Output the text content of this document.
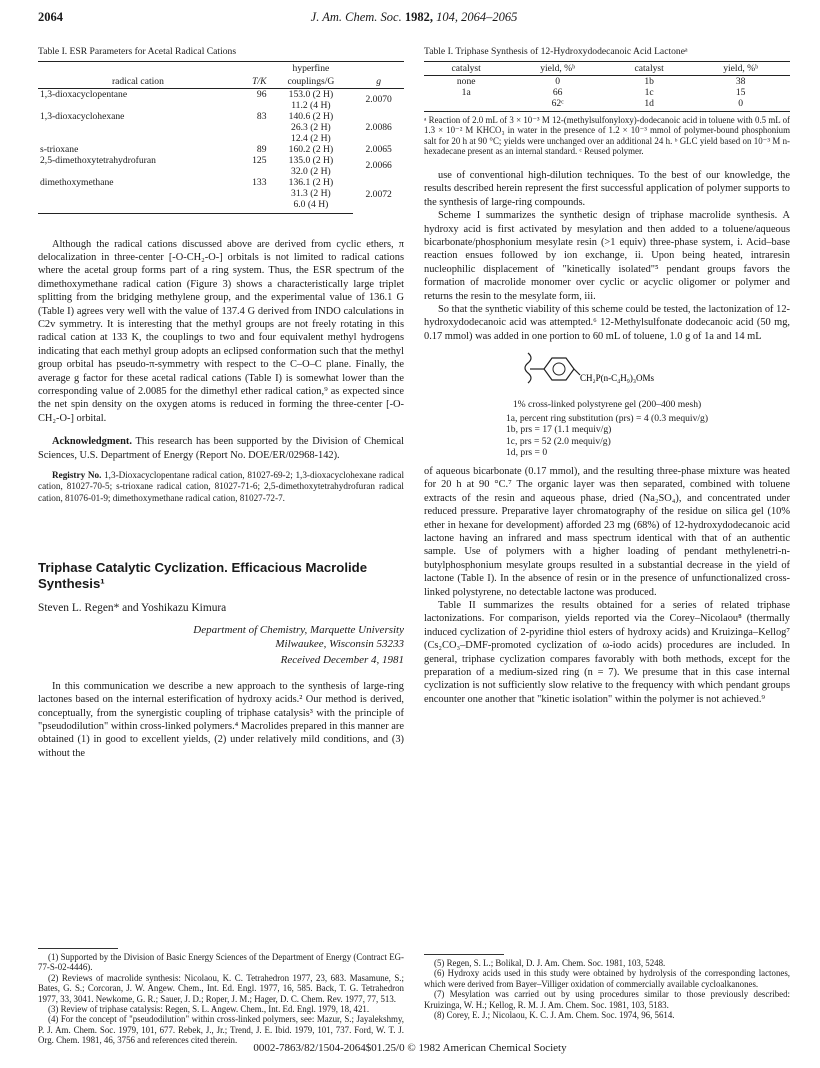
2064	J. Am. Chem. Soc. 1982, 104, 2064–2065
Table I. ESR Parameters for Acetal Radical Cations
		hyperfine	
radical cation	T/K	couplings/G	g
1,3-dioxacyclopentane	96	153.0 (2 H)	2.0070
		11.2 (4 H)	
1,3-dioxacyclohexane	83	140.6 (2 H)	2.0086
		26.3 (2 H)	
		12.4 (2 H)	
s-trioxane	89	160.2 (2 H)	2.0065
2,5-dimethoxytetrahydrofuran	125	135.0 (2 H)	2.0066
		32.0 (2 H)	
dimethoxymethane	133	136.1 (2 H)	2.0072
		31.3 (2 H)	
		6.0 (4 H)	

Although the radical cations discussed above are derived from cyclic ethers, π delocalization in three-center [-O-CH₂-O-] orbitals is not limited to radical cations where the acetal group forms part of a ring system. Thus, the ESR spectrum of the dimethoxymethane radical cation (Figure 3) shows a characteristically large triplet splitting from the bridging methylene group, and the experimental value of 136.1 G (Table I) agrees very well with the value of 137.4 G derived from INDO calculations in C2v symmetry. It is interesting that the methyl groups are not freely rotating in this radical cation at 133 K, the couplings to two and four equivalent methyl hydrogens indicating that each methyl group adopts an eclipsed conformation such that the methyl group orbital has pseudo-π-symmetry with respect to the C–O–C plane. Finally, the average g factor for these acetal radical cations (Table I) is somewhat lower than the corresponding value of 2.0085 for the dimethyl ether radical cation,⁹ as expected since the net spin density on the oxygen atoms is reduced in forming the three-center [-O-CH₂-O-] orbital.

Acknowledgment. This research has been supported by the Division of Chemical Sciences, U.S. Department of Energy (Report No. DOE/ER/02968-142).

Registry No. 1,3-Dioxacyclopentane radical cation, 81027-69-2; 1,3-dioxacyclohexane radical cation, 81027-70-5; s-trioxane radical cation, 81027-71-6; 2,5-dimethoxytetrahydrofuran radical cation, 81076-01-9; dimethoxymethane radical cation, 81027-72-7.
Triphase Catalytic Cyclization. Efficacious Macrolide Synthesis¹
Steven L. Regen* and Yoshikazu Kimura
Department of Chemistry, Marquette University
Milwaukee, Wisconsin 53233
Received December 4, 1981

In this communication we describe a new approach to the synthesis of large-ring lactones based on the internal esterification of hydroxy acids.² Our method is derived, conceptually, from the synergistic coupling of triphase catalysis³ with the principle of "pseudodilution" within cross-linked polymers.⁴ Macrolides prepared in this manner are obtained (1) in good to excellent yields, (2) under relatively mild conditions, and (3) without the

(1) Supported by the Division of Basic Energy Sciences of the Department of Energy (Contract EG-77-S-02-4446).
(2) Reviews of macrolide synthesis: Nicolaou, K. C. Tetrahedron 1977, 23, 683. Masamune, S.; Bates, G. S.; Corcoran, J. W. Angew. Chem., Int. Ed. Engl. 1977, 16, 585. Back, T. G. Tetrahedron 1977, 33, 3041. Newkome, G. R.; Sauer, J. D.; Roper, J. M.; Hager, D. C. Chem. Rev. 1977, 77, 513.
(3) Review of triphase catalysis: Regen, S. L. Angew. Chem., Int. Ed. Engl. 1979, 18, 421.
(4) For the concept of "pseudodilution" within cross-linked polymers, see: Mazur, S.; Jayalekshmy, P. J. Am. Chem. Soc. 1979, 101, 677. Rebek, J., Jr.; Trend, J. E. Ibid. 1979, 101, 737. Ford, W. T. J. Org. Chem. 1981, 46, 3756 and references cited therein.
Table I. Triphase Synthesis of 12-Hydroxydodecanoic Acid Lactoneᵃ
catalyst	yield, %ᵇ	catalyst	yield, %ᵇ
none	0	1b	38
1a	66	1c	15
	62ᶜ	1d	0
ᵃ Reaction of 2.0 mL of 3 × 10⁻³ M 12-(methylsulfonyloxy)-dodecanoic acid in toluene with 0.5 mL of 1.3 × 10⁻² M KHCO₃ in water in the presence of 1.2 × 10⁻³ mmol of polymer-bound phosphonium salt for 20 h at 90 °C; yields were unchanged over an additional 24 h. ᵇ GLC yield based on 10⁻³ M n-hexadecane present as an internal standard. ᶜ Reused polymer.

use of conventional high-dilution techniques. To the best of our knowledge, the results described herein represent the first successful application of polymer supports to the synthesis of large-ring compounds.

Scheme I summarizes the synthetic design of triphase macrolide synthesis. A hydroxy acid is first activated by mesylation and then added to a toluene/aqueous bicarbonate/phosphonium mesylate resin (>1 equiv) three-phase system, i. Acid–base reaction ensues followed by ion exchange, ii. Upon being heated, intraresin nucleophilic displacement of "kinetically isolated"⁵ pendant groups favors the formation of macrolide monomer over cyclic or acyclic oligomer or polymer and returns the resin to the mesylate form, iii.

So that the synthetic viability of this scheme could be tested, the lactonization of 12-hydroxydodecanoic acid was attempted.⁶ 12-Methylsulfonate dodecanoic acid (50 mg, 0.17 mmol) was added in one portion to 60 mL of toluene, 1.0 g of 1a and 14 mL

CH₂P(n-C₄H₉)₃OMs
1% cross-linked polystyrene gel (200–400 mesh)
1a, percent ring substitution (prs) = 4 (0.3 mequiv/g)
1b, prs = 17 (1.1 mequiv/g)
1c, prs = 52 (2.0 mequiv/g)
1d, prs = 0

of aqueous bicarbonate (0.17 mmol), and the resulting three-phase mixture was heated for 20 h at 90 °C.⁷ The organic layer was then separated, combined with toluene extracts of the resin and aqueous phase, dried (Na₂SO₄), and concentrated under reduced pressure. Preparative layer chromatography of the residue on silica gel (10% ether in hexane for development) afforded 23 mg (68%) of 12-hydroxydodecanoic acid lactone having an infrared and mass spectrum identical with that of an authentic sample. Use of polymers with a higher loading of pendant methylenetri-n-butylphosphonium mesylate groups resulted in a substantial decrease in the yield of lactone (Table I). In the absence of resin or in the presence of unfunctionalized cross-linked polystyrene, no detectable lactone was produced.

Table II summarizes the results obtained for a series of related triphase lactonizations. For comparison, yields reported via the Corey–Nicolaou⁸ (thermally induced cyclization of 2-pyridine thiol esters of hydroxy acids) and Kruizinga–Kellog⁷ (Cs₂CO₃–DMF-promoted cyclization of ω-iodo acids) procedures are included. In general, triphase cyclization compares favorably with both methods, except for the preparation of a medium-sized ring (n = 7). We presume that in this case internal cyclization is not sufficiently slow relative to the frequency with which pendant groups encounter one another that "kinetic isolation" within the polymer is not achieved.⁹

(5) Regen, S. L.; Bolikal, D. J. Am. Chem. Soc. 1981, 103, 5248.
(6) Hydroxy acids used in this study were obtained by hydrolysis of the corresponding lactones, which were derived from Bayer–Villiger oxidation of commercially available cycloalkanones.
(7) Mesylation was carried out by using procedures similar to those previously described: Kruizinga, W. H.; Kellog, R. M. J. Am. Chem. Soc. 1981, 103, 5183.
(8) Corey, E. J.; Nicolaou, K. C. J. Am. Chem. Soc. 1974, 96, 5614.
0002-7863/82/1504-2064$01.25/0 © 1982 American Chemical Society
